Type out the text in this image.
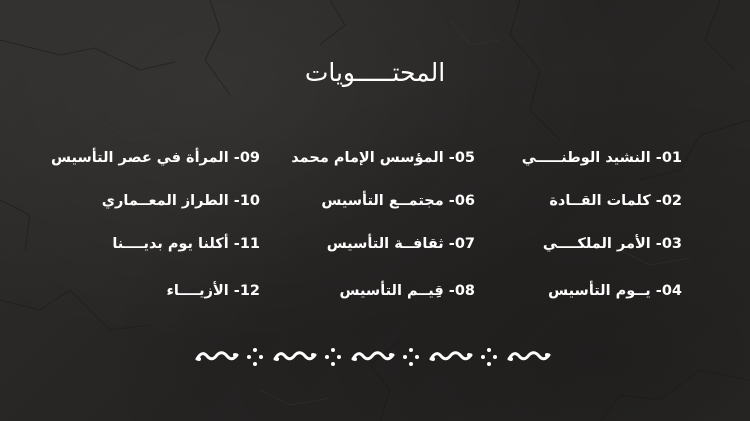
المحتـــــويات
01- النشيد الوطنـــــي
02- كلمات القــادة
03- الأمر الملكــــي
04- يــوم التأسيس
05- المؤسس الإمام محمد
06- مجتمــع التأسيس
07- ثقافــة التأسيس
08- قِيــم التأسيس
09- المرأة في عصر التأسيس
10- الطراز المعــماري
11- أكلنا يوم بديــــنا
12- الأزيــــاء
